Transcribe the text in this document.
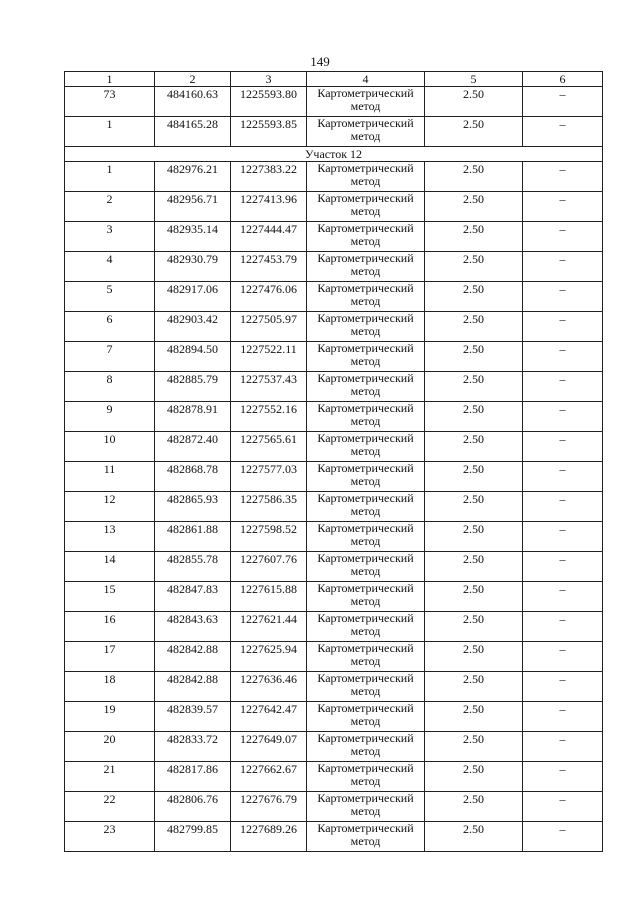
149
1	2	3	4	5	6
73	484160.63	1225593.80	Картометрический метод	2.50	–
1	484165.28	1225593.85	Картометрический метод	2.50	–
Участок 12					
1	482976.21	1227383.22	Картометрический метод	2.50	–
2	482956.71	1227413.96	Картометрический метод	2.50	–
3	482935.14	1227444.47	Картометрический метод	2.50	–
4	482930.79	1227453.79	Картометрический метод	2.50	–
5	482917.06	1227476.06	Картометрический метод	2.50	–
6	482903.42	1227505.97	Картометрический метод	2.50	–
7	482894.50	1227522.11	Картометрический метод	2.50	–
8	482885.79	1227537.43	Картометрический метод	2.50	–
9	482878.91	1227552.16	Картометрический метод	2.50	–
10	482872.40	1227565.61	Картометрический метод	2.50	–
11	482868.78	1227577.03	Картометрический метод	2.50	–
12	482865.93	1227586.35	Картометрический метод	2.50	–
13	482861.88	1227598.52	Картометрический метод	2.50	–
14	482855.78	1227607.76	Картометрический метод	2.50	–
15	482847.83	1227615.88	Картометрический метод	2.50	–
16	482843.63	1227621.44	Картометрический метод	2.50	–
17	482842.88	1227625.94	Картометрический метод	2.50	–
18	482842.88	1227636.46	Картометрический метод	2.50	–
19	482839.57	1227642.47	Картометрический метод	2.50	–
20	482833.72	1227649.07	Картометрический метод	2.50	–
21	482817.86	1227662.67	Картометрический метод	2.50	–
22	482806.76	1227676.79	Картометрический метод	2.50	–
23	482799.85	1227689.26	Картометрический метод	2.50	–
